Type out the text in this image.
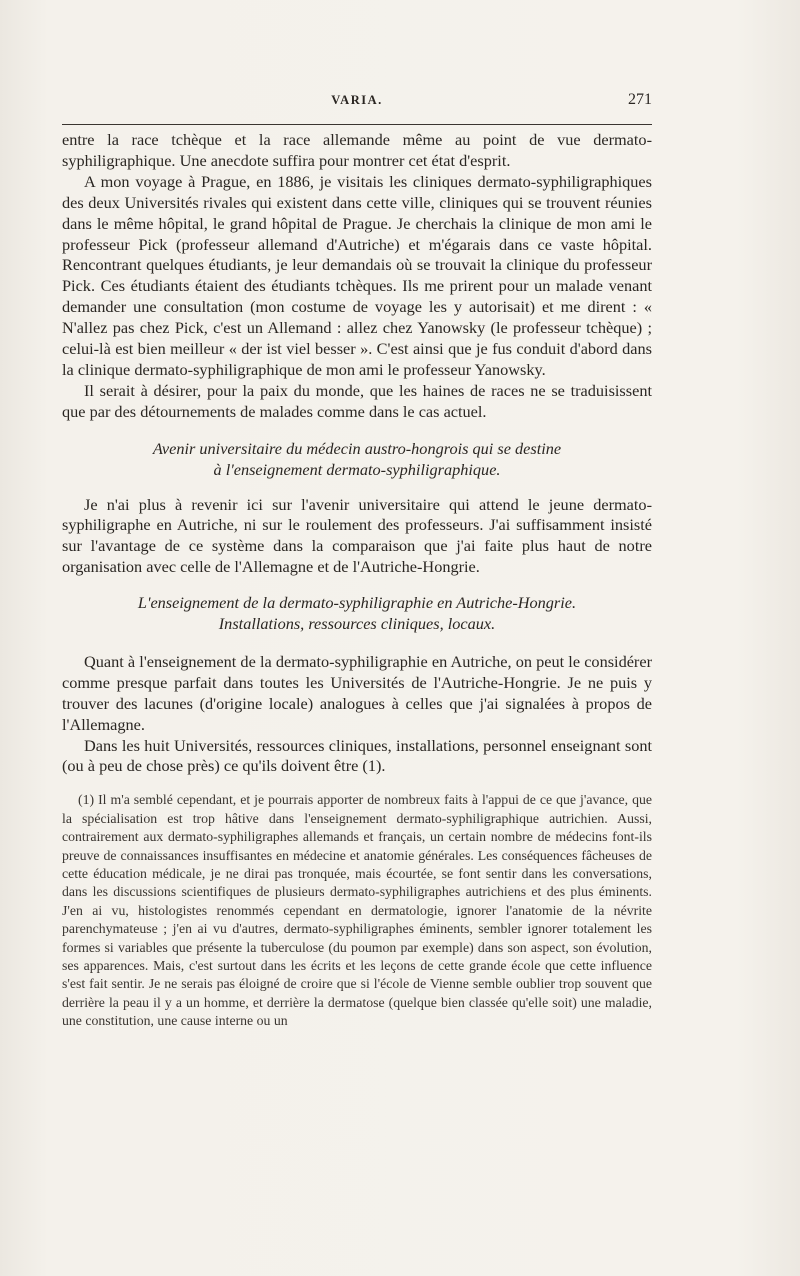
VARIA.	271

entre la race tchèque et la race allemande même au point de vue dermato-syphiligraphique. Une anecdote suffira pour montrer cet état d'esprit.

A mon voyage à Prague, en 1886, je visitais les cliniques dermato-syphiligraphiques des deux Universités rivales qui existent dans cette ville, cliniques qui se trouvent réunies dans le même hôpital, le grand hôpital de Prague. Je cherchais la clinique de mon ami le professeur Pick (professeur allemand d'Autriche) et m'égarais dans ce vaste hôpital. Rencontrant quelques étudiants, je leur demandais où se trouvait la clinique du professeur Pick. Ces étudiants étaient des étudiants tchèques. Ils me prirent pour un malade venant demander une consultation (mon costume de voyage les y autorisait) et me dirent : « N'allez pas chez Pick, c'est un Allemand : allez chez Yanowsky (le professeur tchèque) ; celui-là est bien meilleur « der ist viel besser ». C'est ainsi que je fus conduit d'abord dans la clinique dermato-syphiligraphique de mon ami le professeur Yanowsky.

Il serait à désirer, pour la paix du monde, que les haines de races ne se traduisissent que par des détournements de malades comme dans le cas actuel.

Avenir universitaire du médecin austro-hongrois qui se destine

à l'enseignement dermato-syphiligraphique.

Je n'ai plus à revenir ici sur l'avenir universitaire qui attend le jeune dermato-syphiligraphe en Autriche, ni sur le roulement des professeurs. J'ai suffisamment insisté sur l'avantage de ce système dans la comparaison que j'ai faite plus haut de notre organisation avec celle de l'Allemagne et de l'Autriche-Hongrie.

L'enseignement de la dermato-syphiligraphie en Autriche-Hongrie.

Installations, ressources cliniques, locaux.

Quant à l'enseignement de la dermato-syphiligraphie en Autriche, on peut le considérer comme presque parfait dans toutes les Universités de l'Autriche-Hongrie. Je ne puis y trouver des lacunes (d'origine locale) analogues à celles que j'ai signalées à propos de l'Allemagne.

Dans les huit Universités, ressources cliniques, installations, personnel enseignant sont (ou à peu de chose près) ce qu'ils doivent être (1).

(1) Il m'a semblé cependant, et je pourrais apporter de nombreux faits à l'appui de ce que j'avance, que la spécialisation est trop hâtive dans l'enseignement dermato-syphiligraphique autrichien. Aussi, contrairement aux dermato-syphiligraphes allemands et français, un certain nombre de médecins font-ils preuve de connaissances insuffisantes en médecine et anatomie générales. Les conséquences fâcheuses de cette éducation médicale, je ne dirai pas tronquée, mais écourtée, se font sentir dans les conversations, dans les discussions scientifiques de plusieurs dermato-syphiligraphes autrichiens et des plus éminents. J'en ai vu, histologistes renommés cependant en dermatologie, ignorer l'anatomie de la névrite parenchymateuse ; j'en ai vu d'autres, dermato-syphiligraphes éminents, sembler ignorer totalement les formes si variables que présente la tuberculose (du poumon par exemple) dans son aspect, son évolution, ses apparences. Mais, c'est surtout dans les écrits et les leçons de cette grande école que cette influence s'est fait sentir. Je ne serais pas éloigné de croire que si l'école de Vienne semble oublier trop souvent que derrière la peau il y a un homme, et derrière la dermatose (quelque bien classée qu'elle soit) une maladie, une constitution, une cause interne ou un
